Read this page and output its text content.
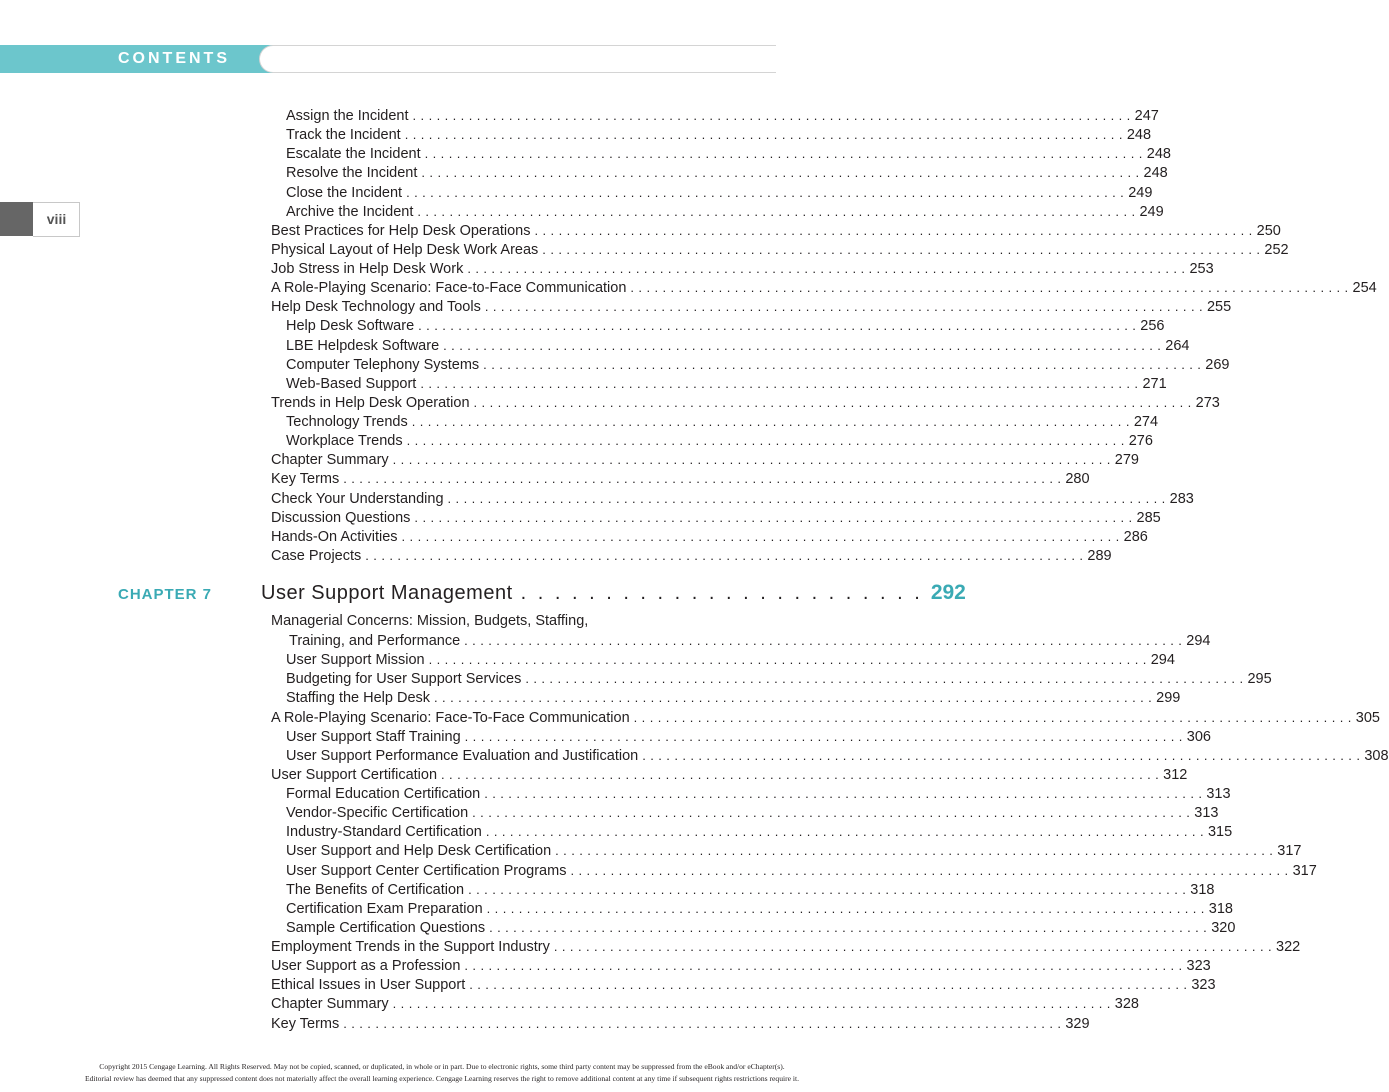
CONTENTS
viii
Assign the Incident . . . . . . . . . . . . . . . . . . . . . . . . . . . . . . . . . . . . . . . . . . . . . . . . . . . . . . . . . . . . . . . . . . . . . . . . . . . . . . . . . . . . . . . . . . 247
Track the Incident . . . . . . . . . . . . . . . . . . . . . . . . . . . . . . . . . . . . . . . . . . . . . . . . . . . . . . . . . . . . . . . . . . . . . . . . . . . . . . . . . . . . . . . . . . 248
Escalate the Incident . . . . . . . . . . . . . . . . . . . . . . . . . . . . . . . . . . . . . . . . . . . . . . . . . . . . . . . . . . . . . . . . . . . . . . . . . . . . . . . . . . . . . . . . . . 248
Resolve the Incident . . . . . . . . . . . . . . . . . . . . . . . . . . . . . . . . . . . . . . . . . . . . . . . . . . . . . . . . . . . . . . . . . . . . . . . . . . . . . . . . . . . . . . . . . . 248
Close the Incident . . . . . . . . . . . . . . . . . . . . . . . . . . . . . . . . . . . . . . . . . . . . . . . . . . . . . . . . . . . . . . . . . . . . . . . . . . . . . . . . . . . . . . . . . . 249
Archive the Incident . . . . . . . . . . . . . . . . . . . . . . . . . . . . . . . . . . . . . . . . . . . . . . . . . . . . . . . . . . . . . . . . . . . . . . . . . . . . . . . . . . . . . . . . . . 249
Best Practices for Help Desk Operations . . . . . . . . . . . . . . . . . . . . . . . . . . . . . . . . . . . . . . . . . . . . . . . . . . . . . . . . . . . . . . . . . . . . . . . . . . . . . . . . . . . . . . . . . . 250
Physical Layout of Help Desk Work Areas . . . . . . . . . . . . . . . . . . . . . . . . . . . . . . . . . . . . . . . . . . . . . . . . . . . . . . . . . . . . . . . . . . . . . . . . . . . . . . . . . . . . . . . . . . 252
Job Stress in Help Desk Work . . . . . . . . . . . . . . . . . . . . . . . . . . . . . . . . . . . . . . . . . . . . . . . . . . . . . . . . . . . . . . . . . . . . . . . . . . . . . . . . . . . . . . . . . . 253
A Role-Playing Scenario: Face-to-Face Communication . . . . . . . . . . . . . . . . . . . . . . . . . . . . . . . . . . . . . . . . . . . . . . . . . . . . . . . . . . . . . . . . . . . . . . . . . . . . . . . . . . . . . . . . . . 254
Help Desk Technology and Tools . . . . . . . . . . . . . . . . . . . . . . . . . . . . . . . . . . . . . . . . . . . . . . . . . . . . . . . . . . . . . . . . . . . . . . . . . . . . . . . . . . . . . . . . . . 255
Help Desk Software . . . . . . . . . . . . . . . . . . . . . . . . . . . . . . . . . . . . . . . . . . . . . . . . . . . . . . . . . . . . . . . . . . . . . . . . . . . . . . . . . . . . . . . . . . 256
LBE Helpdesk Software . . . . . . . . . . . . . . . . . . . . . . . . . . . . . . . . . . . . . . . . . . . . . . . . . . . . . . . . . . . . . . . . . . . . . . . . . . . . . . . . . . . . . . . . . . 264
Computer Telephony Systems . . . . . . . . . . . . . . . . . . . . . . . . . . . . . . . . . . . . . . . . . . . . . . . . . . . . . . . . . . . . . . . . . . . . . . . . . . . . . . . . . . . . . . . . . . 269
Web-Based Support . . . . . . . . . . . . . . . . . . . . . . . . . . . . . . . . . . . . . . . . . . . . . . . . . . . . . . . . . . . . . . . . . . . . . . . . . . . . . . . . . . . . . . . . . . 271
Trends in Help Desk Operation . . . . . . . . . . . . . . . . . . . . . . . . . . . . . . . . . . . . . . . . . . . . . . . . . . . . . . . . . . . . . . . . . . . . . . . . . . . . . . . . . . . . . . . . . . 273
Technology Trends . . . . . . . . . . . . . . . . . . . . . . . . . . . . . . . . . . . . . . . . . . . . . . . . . . . . . . . . . . . . . . . . . . . . . . . . . . . . . . . . . . . . . . . . . . 274
Workplace Trends . . . . . . . . . . . . . . . . . . . . . . . . . . . . . . . . . . . . . . . . . . . . . . . . . . . . . . . . . . . . . . . . . . . . . . . . . . . . . . . . . . . . . . . . . . 276
Chapter Summary . . . . . . . . . . . . . . . . . . . . . . . . . . . . . . . . . . . . . . . . . . . . . . . . . . . . . . . . . . . . . . . . . . . . . . . . . . . . . . . . . . . . . . . . . . 279
Key Terms . . . . . . . . . . . . . . . . . . . . . . . . . . . . . . . . . . . . . . . . . . . . . . . . . . . . . . . . . . . . . . . . . . . . . . . . . . . . . . . . . . . . . . . . . . 280
Check Your Understanding . . . . . . . . . . . . . . . . . . . . . . . . . . . . . . . . . . . . . . . . . . . . . . . . . . . . . . . . . . . . . . . . . . . . . . . . . . . . . . . . . . . . . . . . . . 283
Discussion Questions . . . . . . . . . . . . . . . . . . . . . . . . . . . . . . . . . . . . . . . . . . . . . . . . . . . . . . . . . . . . . . . . . . . . . . . . . . . . . . . . . . . . . . . . . . 285
Hands-On Activities . . . . . . . . . . . . . . . . . . . . . . . . . . . . . . . . . . . . . . . . . . . . . . . . . . . . . . . . . . . . . . . . . . . . . . . . . . . . . . . . . . . . . . . . . . 286
Case Projects . . . . . . . . . . . . . . . . . . . . . . . . . . . . . . . . . . . . . . . . . . . . . . . . . . . . . . . . . . . . . . . . . . . . . . . . . . . . . . . . . . . . . . . . . . 289
CHAPTER 7 User Support Management . . . . . . . . . . . . . . . . . . . . . . . . 292
Managerial Concerns: Mission, Budgets, Staffing,
Training, and Performance . . . . . . . . . . . . . . . . . . . . . . . . . . . . . . . . . . . . . . . . . . . . . . . . . . . . . . . . . . . . . . . . . . . . . . . . . . . . . . . . . . . . . . . . . . 294
User Support Mission . . . . . . . . . . . . . . . . . . . . . . . . . . . . . . . . . . . . . . . . . . . . . . . . . . . . . . . . . . . . . . . . . . . . . . . . . . . . . . . . . . . . . . . . . . 294
Budgeting for User Support Services . . . . . . . . . . . . . . . . . . . . . . . . . . . . . . . . . . . . . . . . . . . . . . . . . . . . . . . . . . . . . . . . . . . . . . . . . . . . . . . . . . . . . . . . . . 295
Staffing the Help Desk . . . . . . . . . . . . . . . . . . . . . . . . . . . . . . . . . . . . . . . . . . . . . . . . . . . . . . . . . . . . . . . . . . . . . . . . . . . . . . . . . . . . . . . . . . 299
A Role-Playing Scenario: Face-To-Face Communication . . . . . . . . . . . . . . . . . . . . . . . . . . . . . . . . . . . . . . . . . . . . . . . . . . . . . . . . . . . . . . . . . . . . . . . . . . . . . . . . . . . . . . . . . . 305
User Support Staff Training . . . . . . . . . . . . . . . . . . . . . . . . . . . . . . . . . . . . . . . . . . . . . . . . . . . . . . . . . . . . . . . . . . . . . . . . . . . . . . . . . . . . . . . . . . 306
User Support Performance Evaluation and Justification . . . . . . . . . . . . . . . . . . . . . . . . . . . . . . . . . . . . . . . . . . . . . . . . . . . . . . . . . . . . . . . . . . . . . . . . . . . . . . . . . . . . . . . . . . 308
User Support Certification . . . . . . . . . . . . . . . . . . . . . . . . . . . . . . . . . . . . . . . . . . . . . . . . . . . . . . . . . . . . . . . . . . . . . . . . . . . . . . . . . . . . . . . . . . 312
Formal Education Certification . . . . . . . . . . . . . . . . . . . . . . . . . . . . . . . . . . . . . . . . . . . . . . . . . . . . . . . . . . . . . . . . . . . . . . . . . . . . . . . . . . . . . . . . . . 313
Vendor-Specific Certification . . . . . . . . . . . . . . . . . . . . . . . . . . . . . . . . . . . . . . . . . . . . . . . . . . . . . . . . . . . . . . . . . . . . . . . . . . . . . . . . . . . . . . . . . . 313
Industry-Standard Certification . . . . . . . . . . . . . . . . . . . . . . . . . . . . . . . . . . . . . . . . . . . . . . . . . . . . . . . . . . . . . . . . . . . . . . . . . . . . . . . . . . . . . . . . . . 315
User Support and Help Desk Certification . . . . . . . . . . . . . . . . . . . . . . . . . . . . . . . . . . . . . . . . . . . . . . . . . . . . . . . . . . . . . . . . . . . . . . . . . . . . . . . . . . . . . . . . . . 317
User Support Center Certification Programs . . . . . . . . . . . . . . . . . . . . . . . . . . . . . . . . . . . . . . . . . . . . . . . . . . . . . . . . . . . . . . . . . . . . . . . . . . . . . . . . . . . . . . . . . . 317
The Benefits of Certification . . . . . . . . . . . . . . . . . . . . . . . . . . . . . . . . . . . . . . . . . . . . . . . . . . . . . . . . . . . . . . . . . . . . . . . . . . . . . . . . . . . . . . . . . . 318
Certification Exam Preparation . . . . . . . . . . . . . . . . . . . . . . . . . . . . . . . . . . . . . . . . . . . . . . . . . . . . . . . . . . . . . . . . . . . . . . . . . . . . . . . . . . . . . . . . . . 318
Sample Certification Questions . . . . . . . . . . . . . . . . . . . . . . . . . . . . . . . . . . . . . . . . . . . . . . . . . . . . . . . . . . . . . . . . . . . . . . . . . . . . . . . . . . . . . . . . . . 320
Employment Trends in the Support Industry . . . . . . . . . . . . . . . . . . . . . . . . . . . . . . . . . . . . . . . . . . . . . . . . . . . . . . . . . . . . . . . . . . . . . . . . . . . . . . . . . . . . . . . . . . 322
User Support as a Profession . . . . . . . . . . . . . . . . . . . . . . . . . . . . . . . . . . . . . . . . . . . . . . . . . . . . . . . . . . . . . . . . . . . . . . . . . . . . . . . . . . . . . . . . . . 323
Ethical Issues in User Support . . . . . . . . . . . . . . . . . . . . . . . . . . . . . . . . . . . . . . . . . . . . . . . . . . . . . . . . . . . . . . . . . . . . . . . . . . . . . . . . . . . . . . . . . . 323
Chapter Summary . . . . . . . . . . . . . . . . . . . . . . . . . . . . . . . . . . . . . . . . . . . . . . . . . . . . . . . . . . . . . . . . . . . . . . . . . . . . . . . . . . . . . . . . . . 328
Key Terms . . . . . . . . . . . . . . . . . . . . . . . . . . . . . . . . . . . . . . . . . . . . . . . . . . . . . . . . . . . . . . . . . . . . . . . . . . . . . . . . . . . . . . . . . . 329
Copyright 2015 Cengage Learning. All Rights Reserved. May not be copied, scanned, or duplicated, in whole or in part. Due to electronic rights, some third party content may be suppressed from the eBook and/or eChapter(s).
Editorial review has deemed that any suppressed content does not materially affect the overall learning experience. Cengage Learning reserves the right to remove additional content at any time if subsequent rights restrictions require it.
